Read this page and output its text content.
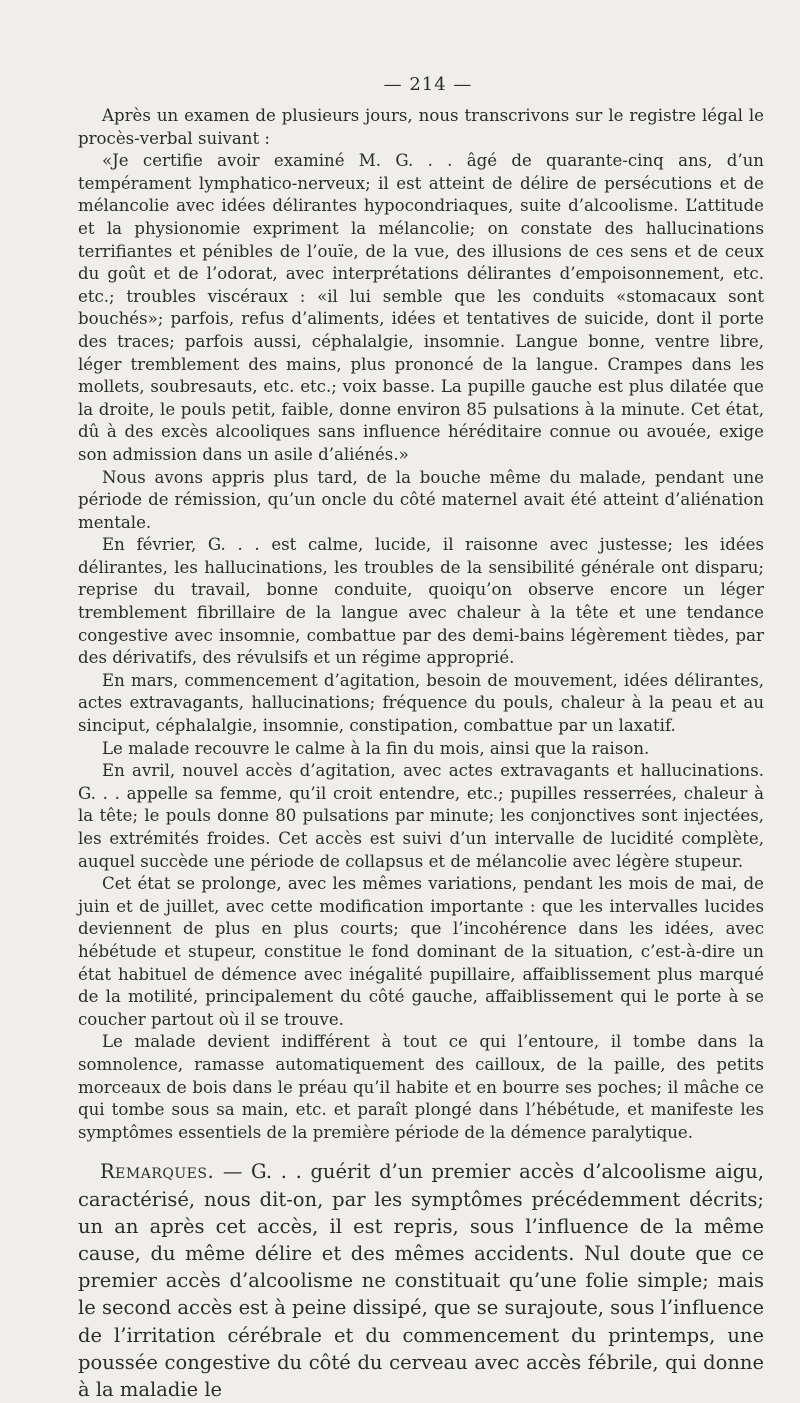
— 214 —

Après un examen de plusieurs jours, nous transcrivons sur le registre légal le procès-verbal suivant :

«Je certifie avoir examiné M. G. . . âgé de quarante-cinq ans, d’un tempérament lymphatico-nerveux; il est atteint de délire de persécutions et de mélancolie avec idées délirantes hypocondriaques, suite d’alcoolisme. L’attitude et la physionomie expriment la mélancolie; on constate des hallucinations terrifiantes et pénibles de l’ouïe, de la vue, des illusions de ces sens et de ceux du goût et de l’odorat, avec interprétations délirantes d’empoisonnement, etc. etc.; troubles viscéraux : «il lui semble que les conduits «stomacaux sont bouchés»; parfois, refus d’aliments, idées et tentatives de suicide, dont il porte des traces; parfois aussi, céphalalgie, insomnie. Langue bonne, ventre libre, léger tremblement des mains, plus prononcé de la langue. Crampes dans les mollets, soubresauts, etc. etc.; voix basse. La pupille gauche est plus dilatée que la droite, le pouls petit, faible, donne environ 85 pulsations à la minute. Cet état, dû à des excès alcooliques sans influence héréditaire connue ou avouée, exige son admission dans un asile d’aliénés.»

Nous avons appris plus tard, de la bouche même du malade, pendant une période de rémission, qu’un oncle du côté maternel avait été atteint d’aliénation mentale.

En février, G. . . est calme, lucide, il raisonne avec justesse; les idées délirantes, les hallucinations, les troubles de la sensibilité générale ont disparu; reprise du travail, bonne conduite, quoiqu’on observe encore un léger tremblement fibrillaire de la langue avec chaleur à la tête et une tendance congestive avec insomnie, combattue par des demi-bains légèrement tièdes, par des dérivatifs, des révulsifs et un régime approprié.

En mars, commencement d’agitation, besoin de mouvement, idées délirantes, actes extravagants, hallucinations; fréquence du pouls, chaleur à la peau et au sinciput, céphalalgie, insomnie, constipation, combattue par un laxatif.

Le malade recouvre le calme à la fin du mois, ainsi que la raison.

En avril, nouvel accès d’agitation, avec actes extravagants et hallucinations. G. . . appelle sa femme, qu’il croit entendre, etc.; pupilles resserrées, chaleur à la tête; le pouls donne 80 pulsations par minute; les conjonctives sont injectées, les extrémités froides. Cet accès est suivi d’un intervalle de lucidité complète, auquel succède une période de collapsus et de mélancolie avec légère stupeur.

Cet état se prolonge, avec les mêmes variations, pendant les mois de mai, de juin et de juillet, avec cette modification importante : que les intervalles lucides deviennent de plus en plus courts; que l’incohérence dans les idées, avec hébétude et stupeur, constitue le fond dominant de la situation, c’est-à-dire un état habituel de démence avec inégalité pupillaire, affaiblissement plus marqué de la motilité, principalement du côté gauche, affaiblissement qui le porte à se coucher partout où il se trouve.

Le malade devient indifférent à tout ce qui l’entoure, il tombe dans la somnolence, ramasse automatiquement des cailloux, de la paille, des petits morceaux de bois dans le préau qu’il habite et en bourre ses poches; il mâche ce qui tombe sous sa main, etc. et paraît plongé dans l’hébétude, et manifeste les symptômes essentiels de la première période de la démence paralytique.

Remarques. — G. . . guérit d’un premier accès d’alcoolisme aigu, caractérisé, nous dit-on, par les symptômes précédemment décrits; un an après cet accès, il est repris, sous l’influence de la même cause, du même délire et des mêmes accidents. Nul doute que ce premier accès d’alcoolisme ne constituait qu’une folie simple; mais le second accès est à peine dissipé, que se surajoute, sous l’influence de l’irritation cérébrale et du commencement du printemps, une poussée congestive du côté du cerveau avec accès fébrile, qui donne à la maladie le
